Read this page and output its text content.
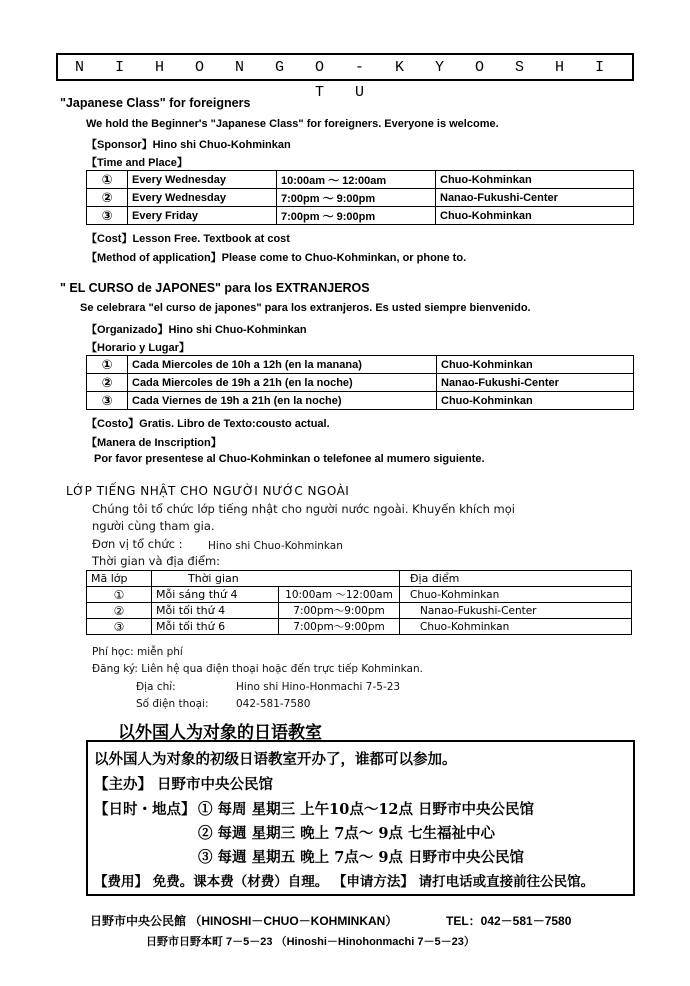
N I H O N G O - K Y O S H I T U
"Japanese Class" for foreigners
We hold the Beginner's "Japanese Class" for foreigners. Everyone is welcome.
【Sponsor】Hino shi Chuo-Kohminkan
【Time and Place】
①	Every Wednesday	10:00am ～ 12:00am	Chuo-Kohminkan
②	Every Wednesday	7:00pm ～ 9:00pm	Nanao-Fukushi-Center
③	Every Friday	7:00pm ～ 9:00pm	Chuo-Kohminkan
【Cost】Lesson Free. Textbook at cost
【Method of application】Please come to Chuo-Kohminkan, or phone to.
" EL CURSO de JAPONES" para los EXTRANJEROS
Se celebrara "el curso de japones" para los extranjeros. Es usted siempre bienvenido.
【Organizado】Hino shi Chuo-Kohminkan
【Horario y Lugar】
①	Cada Miercoles de 10h a 12h (en la manana)	Chuo-Kohminkan
②	Cada Miercoles de 19h a 21h (en la noche)	Nanao-Fukushi-Center
③	Cada Viernes de 19h a 21h (en la noche)	Chuo-Kohminkan
【Costo】Gratis. Libro de Texto:cousto actual.
【Manera de Inscription】
Por favor presentese al Chuo-Kohminkan o telefonee al mumero siguiente.
LỚP TIẾNG NHẬT CHO NGƯỜI NƯỚC NGOÀI
Chúng tôi tổ chức lớp tiếng nhật cho người nước ngoài. Khuyến khích mọi
người cùng tham gia.
Đơn vị tổ chức : Hino shi Chuo-Kohminkan
Thời gian và địa điểm:
Mã lớp	Thời gian		Địa điểm
①	Mỗi sáng thứ 4	10:00am ～12:00am	Chuo-Kohminkan
②	Mỗi tối thứ 4	7:00pm～9:00pm	Nanao-Fukushi-Center
③	Mỗi tối thứ 6	7:00pm～9:00pm	Chuo-Kohminkan
Phí học: miễn phí
Đăng ký: Liên hệ qua điện thoại hoặc đến trực tiếp Kohminkan.
Địa chỉ:	Hino shi Hino-Honmachi 7-5-23
Số điện thoại:	042-581-7580
以外国人为对象的日语教室
以外国人为对象的初级日语教室开办了，谁都可以参加。
【主办】 日野市中央公民馆
【日时・地点】 ① 每周 星期三 上午10点～12点 日野市中央公民馆
② 每週 星期三 晚上 7点～ 9点 七生福祉中心
③ 每週 星期五 晚上 7点～ 9点 日野市中央公民馆
【费用】 免费。课本费（材费）自理。 【申请方法】 请打电话或直接前往公民馆。
日野市中央公民館 （HINOSHI－CHUO－KOHMINKAN）	TEL：042－581－7580
日野市日野本町 7－5－23 （Hinoshi－Hinohonmachi 7－5－23）
